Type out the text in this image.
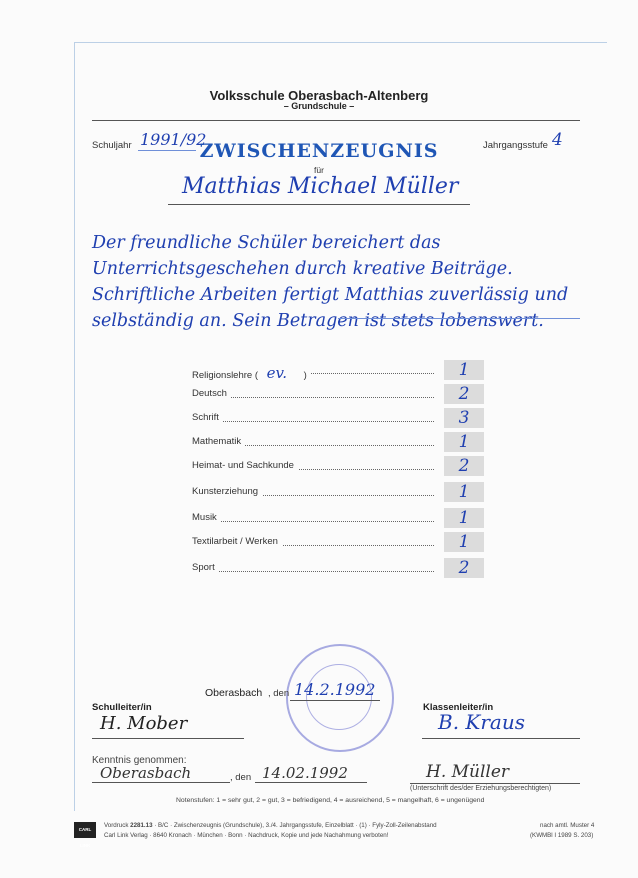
Volksschule Oberasbach-Altenberg
– Grundschule –
Schuljahr 1991/92
ZWISCHENZEUGNIS	Jahrgangsstufe 4
für
Matthias Michael Müller
Der freundliche Schüler bereichert das Unterrichtsgeschehen durch kreative Beiträge. Schriftliche Arbeiten fertigt Matthias zuverlässig und selbständig an. Sein Betragen ist stets lobenswert.
Religionslehre ( ev. )	1
Deutsch	2
Schrift	3
Mathematik	1
Heimat- und Sachkunde	2
Kunsterziehung	1
Musik	1
Textilarbeit / Werken	1
Sport	2
Oberasbach , den 14.2.1992
Schulleiter/in
H. Mober
Klassenleiter/in
B. Kraus
Kenntnis genommen:
Oberasbach	, den 14.02.1992	H. Müller
(Unterschrift des/der Erziehungsberechtigten)
Notenstufen: 1 = sehr gut, 2 = gut, 3 = befriedigend, 4 = ausreichend, 5 = mangelhaft, 6 = ungenügend
CARL LINK
Vordruck 2281.13 · B/C · Zwischenzeugnis (Grundschule), 3./4. Jahrgangsstufe, Einzelblatt · (1) · Fyly-Zoll-Zeilenabstand
Carl Link Verlag · 8640 Kronach · München · Bonn · Nachdruck, Kopie und jede Nachahmung verboten!
nach amtl. Muster 4
(KWMBl I 1989 S. 203)
